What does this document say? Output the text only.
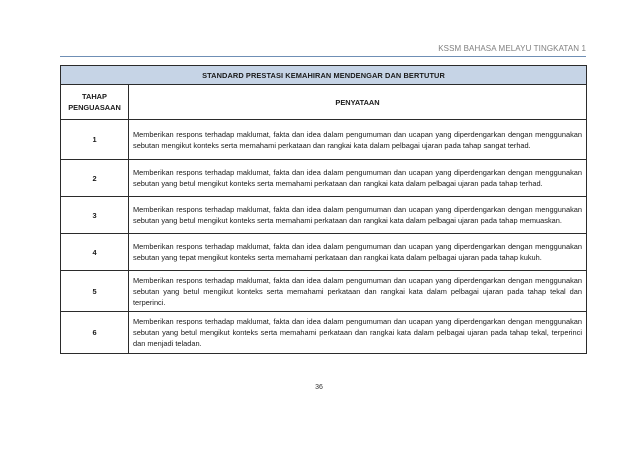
KSSM BAHASA MELAYU TINGKATAN 1
STANDARD PRESTASI KEMAHIRAN MENDENGAR DAN BERTUTUR	

TAHAP
PENGUASAAN	PENYATAAN
1	Memberikan respons terhadap maklumat, fakta dan idea dalam pengumuman dan ucapan yang diperdengarkan dengan menggunakan sebutan mengikut konteks serta memahami perkataan dan rangkai kata dalam pelbagai ujaran pada tahap sangat terhad.
2	Memberikan respons terhadap maklumat, fakta dan idea dalam pengumuman dan ucapan yang diperdengarkan dengan menggunakan sebutan yang betul mengikut konteks serta memahami perkataan dan rangkai kata dalam pelbagai ujaran pada tahap terhad.
3	Memberikan respons terhadap maklumat, fakta dan idea dalam pengumuman dan ucapan yang diperdengarkan dengan menggunakan sebutan yang betul mengikut konteks serta memahami perkataan dan rangkai kata dalam pelbagai ujaran pada tahap memuaskan.
4	Memberikan respons terhadap maklumat, fakta dan idea dalam pengumuman dan ucapan yang diperdengarkan dengan menggunakan sebutan yang tepat mengikut konteks serta memahami perkataan dan rangkai kata dalam pelbagai ujaran pada tahap kukuh.
5	Memberikan respons terhadap maklumat, fakta dan idea dalam pengumuman dan ucapan yang diperdengarkan dengan menggunakan sebutan yang betul mengikut konteks serta memahami perkataan dan rangkai kata dalam pelbagai ujaran pada tahap tekal dan terperinci.
6	Memberikan respons terhadap maklumat, fakta dan idea dalam pengumuman dan ucapan yang diperdengarkan dengan menggunakan sebutan yang betul mengikut konteks serta memahami perkataan dan rangkai kata dalam pelbagai ujaran pada tahap tekal, terperinci dan menjadi teladan.
36
